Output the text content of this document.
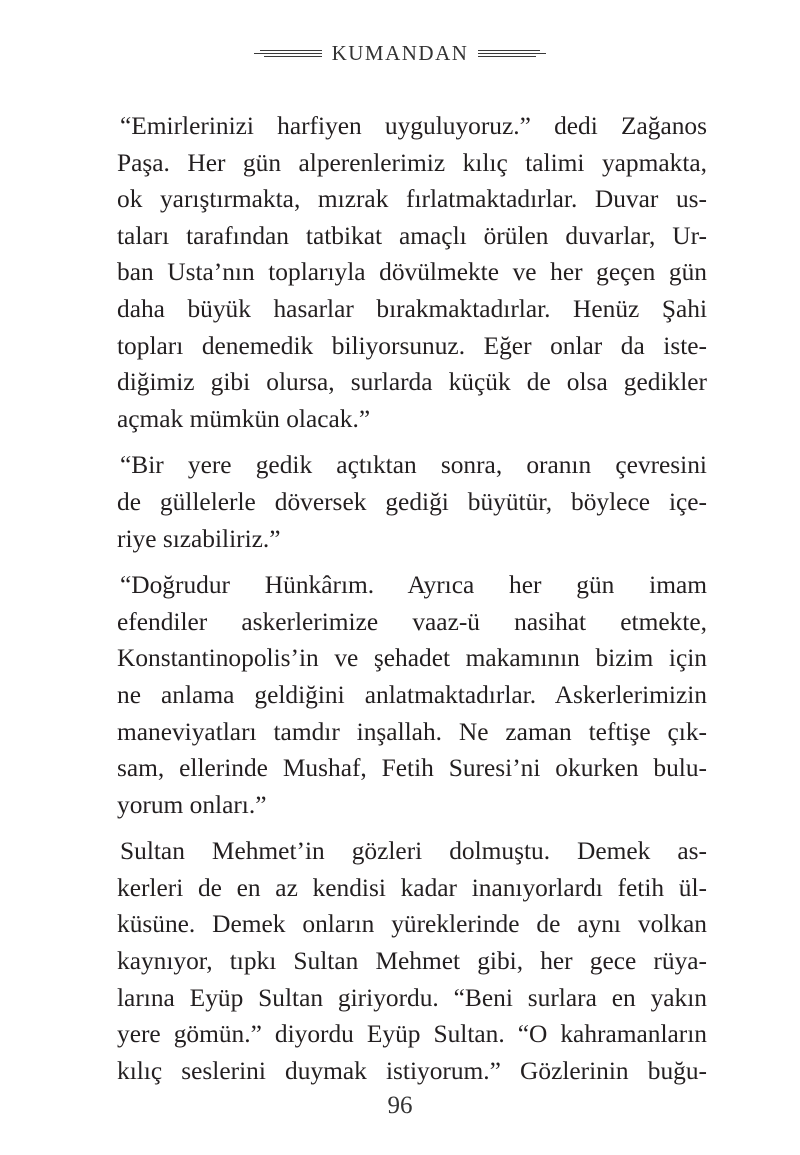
KUMANDAN
“Emirlerinizi harfiyen uyguluyoruz.” dedi Zağanos
Paşa. Her gün alperenlerimiz kılıç talimi yapmakta,
ok yarıştırmakta, mızrak fırlatmaktadırlar. Duvar us-
taları tarafından tatbikat amaçlı örülen duvarlar, Ur-
ban Usta’nın toplarıyla dövülmekte ve her geçen gün
daha büyük hasarlar bırakmaktadırlar. Henüz Şahi
topları denemedik biliyorsunuz. Eğer onlar da iste-
diğimiz gibi olursa, surlarda küçük de olsa gedikler
açmak mümkün olacak.”
“Bir yere gedik açtıktan sonra, oranın çevresini
de güllelerle döversek gediği büyütür, böylece içe-
riye sızabiliriz.”
“Doğrudur Hünkârım. Ayrıca her gün imam
efendiler askerlerimize vaaz-ü nasihat etmekte,
Konstantinopolis’in ve şehadet makamının bizim için
ne anlama geldiğini anlatmaktadırlar. Askerlerimizin
maneviyatları tamdır inşallah. Ne zaman teftişe çık-
sam, ellerinde Mushaf, Fetih Suresi’ni okurken bulu-
yorum onları.”
Sultan Mehmet’in gözleri dolmuştu. Demek as-
kerleri de en az kendisi kadar inanıyorlardı fetih ül-
küsüne. Demek onların yüreklerinde de aynı volkan
kaynıyor, tıpkı Sultan Mehmet gibi, her gece rüya-
larına Eyüp Sultan giriyordu. “Beni surlara en yakın
yere gömün.” diyordu Eyüp Sultan. “O kahramanların
kılıç seslerini duymak istiyorum.” Gözlerinin buğu-
96
